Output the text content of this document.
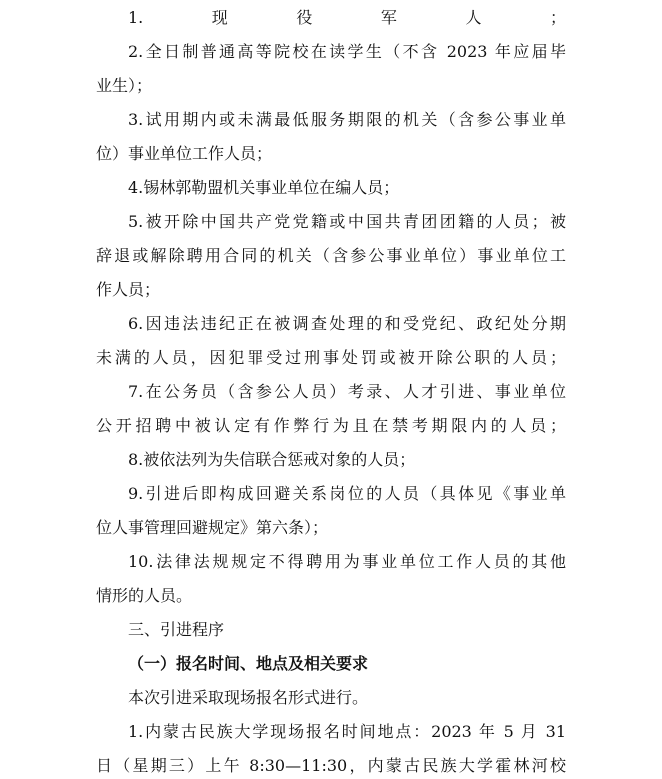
1.现役军人；
2.全日制普通高等院校在读学生（不含 2023 年应届毕
业生）；
3.试用期内或未满最低服务期限的机关（含参公事业单
位）事业单位工作人员；
4.锡林郭勒盟机关事业单位在编人员；
5.被开除中国共产党党籍或中国共青团团籍的人员；被
辞退或解除聘用合同的机关（含参公事业单位）事业单位工
作人员；
6.因违法违纪正在被调查处理的和受党纪、政纪处分期
未满的人员，因犯罪受过刑事处罚或被开除公职的人员；
7.在公务员（含参公人员）考录、人才引进、事业单位
公开招聘中被认定有作弊行为且在禁考期限内的人员；
8.被依法列为失信联合惩戒对象的人员；
9.引进后即构成回避关系岗位的人员（具体见《事业单
位人事管理回避规定》第六条）；
10.法律法规规定不得聘用为事业单位工作人员的其他
情形的人员。
三、引进程序
（一）报名时间、地点及相关要求
本次引进采取现场报名形式进行。
1.内蒙古民族大学现场报名时间地点：2023 年 5 月 31
日（星期三）上午 8:30—11:30，内蒙古民族大学霍林河校
